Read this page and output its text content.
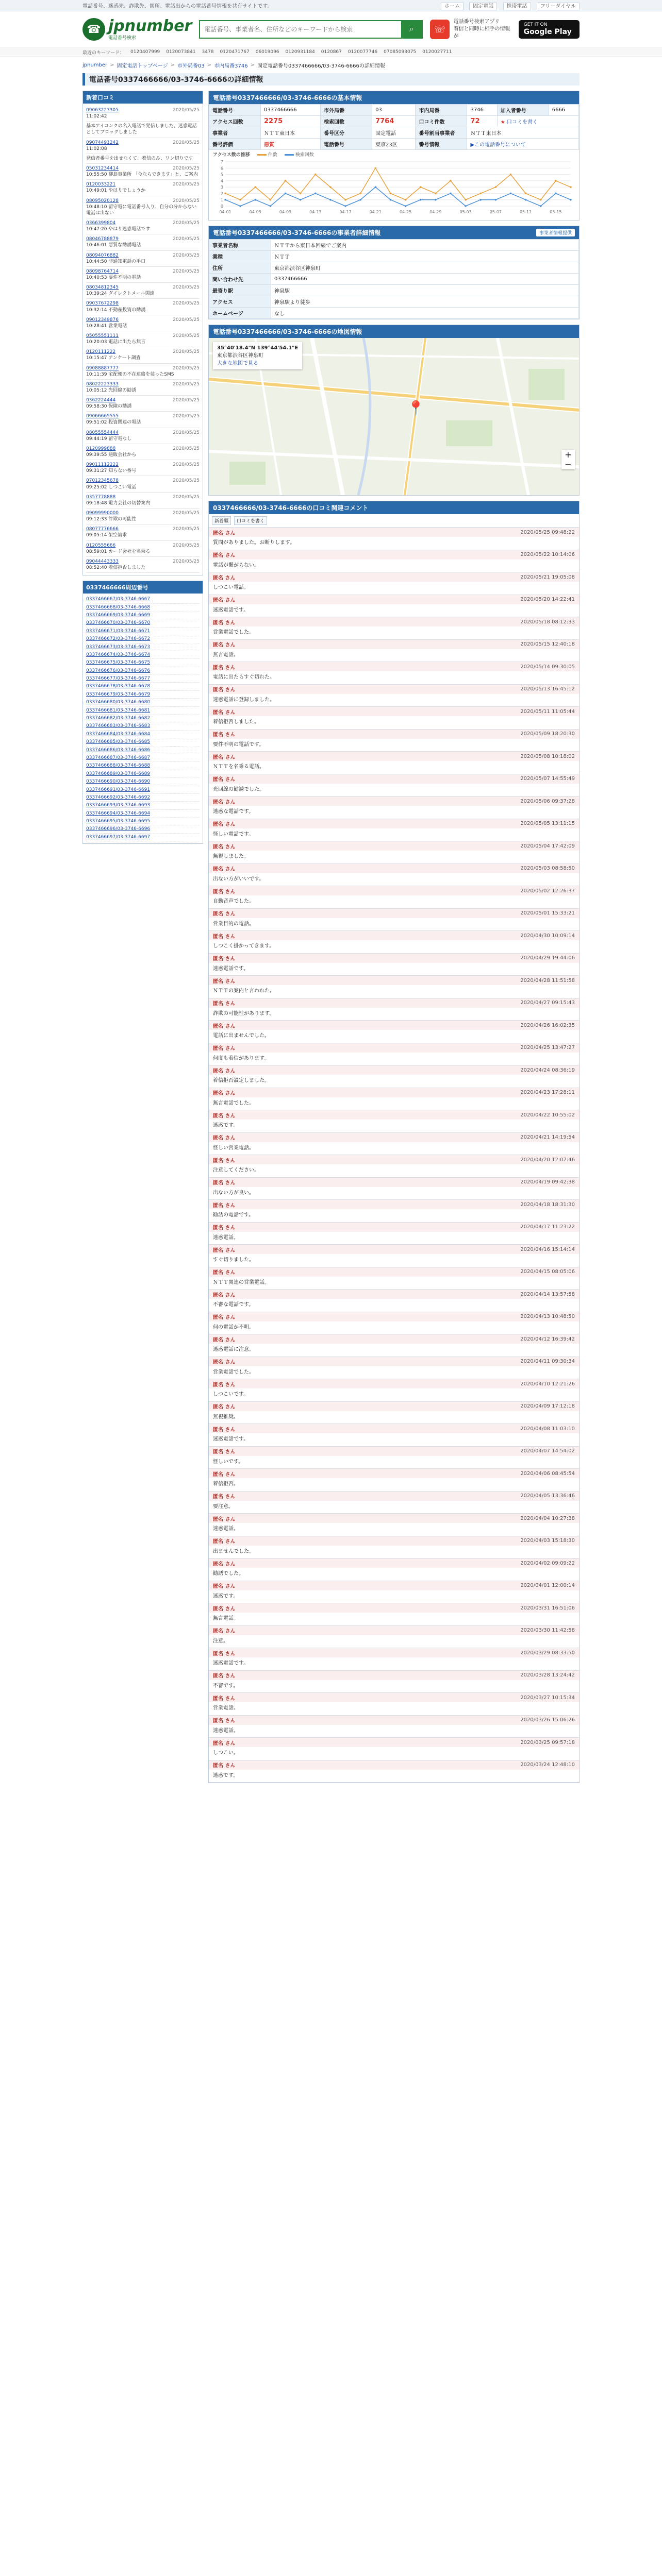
電話番号、迷惑先、詐欺先、関所、電話出からの電話番号情報を共有サイトです。	ホーム	固定電話	携帯電話	フリーダイヤル
☎ jpnumber
電話番号検索
電話番号、事業者名、住所などのキーワードから検索
⌕	☏
電話番号検索アプリ
着信と同時に相手の情報が
GET IT ON
Google Play
最近のキーワード： 0120407999 0120073841 3478 0120471767 06019096 0120931184 0120867 0120077746 07085093075 0120027711
jpnumber > 固定電話トップページ > 市外局番03 > 市内局番3746 > 固定電話番号0337466666/03-3746-6666の詳細情報
電話番号0337466666/03-3746-6666の詳細情報
新着口コミ
09063223305	2020/05/25
11:02:42
基本アイコンクの名入電話で発信しました、迷惑電話としてブロックしました
09074491242	2020/05/25
11:02:08
発信者番号を出せなくて、着信のみ、ワン切りです
05031234414	2020/05/25
10:55:50 柳島事業所 「今ならできます」と、ご案内
0120033221	2020/05/25
10:49:01 やはりでしょうか
08095020128	2020/05/25
10:48:10 留守電に電話番号入り、自分の分からない電話は出ない
0366399804	2020/05/25
10:47:20 やはり迷惑電話です
08046788879	2020/05/25
10:46:01 悪質な勧誘電話
08094076882	2020/05/25
10:44:50 非通知電話の手口
08098764714	2020/05/25
10:40:53 要件不明の電話
08034812345	2020/05/25
10:39:24 ダイレクトメール関連
09037672298	2020/05/25
10:32:14 不動産投資の勧誘
09012349876	2020/05/25
10:28:41 営業電話
05055551111	2020/05/25
10:20:03 電話に出たら無言
0120111222	2020/05/25
10:15:47 アンケート調査
09088887777	2020/05/25
10:11:39 宅配便の不在連絡を装ったSMS
08022223333	2020/05/25
10:05:12 光回線の勧誘
0362224444	2020/05/25
09:58:30 保険の勧誘
09066665555	2020/05/25
09:51:02 投資関連の電話
08055554444	2020/05/25
09:44:19 留守電なし
0120999888	2020/05/25
09:39:55 通販会社から
09011112222	2020/05/25
09:31:27 知らない番号
07012345678	2020/05/25
09:25:02 しつこい電話
0357778888	2020/05/25
09:18:48 電力会社の切替案内
09099990000	2020/05/25
09:12:33 詐欺の可能性
08077776666	2020/05/25
09:05:14 架空請求
0120555666	2020/05/25
08:59:01 カード会社を名乗る
09044443333	2020/05/25
08:52:40 着信拒否しました
0337466666周辺番号
0337466667/03-3746-6667
0337466668/03-3746-6668
0337466669/03-3746-6669
0337466670/03-3746-6670
0337466671/03-3746-6671
0337466672/03-3746-6672
0337466673/03-3746-6673
0337466674/03-3746-6674
0337466675/03-3746-6675
0337466676/03-3746-6676
0337466677/03-3746-6677
0337466678/03-3746-6678
0337466679/03-3746-6679
0337466680/03-3746-6680
0337466681/03-3746-6681
0337466682/03-3746-6682
0337466683/03-3746-6683
0337466684/03-3746-6684
0337466685/03-3746-6685
0337466686/03-3746-6686
0337466687/03-3746-6687
0337466688/03-3746-6688
0337466689/03-3746-6689
0337466690/03-3746-6690
0337466691/03-3746-6691
0337466692/03-3746-6692
0337466693/03-3746-6693
0337466694/03-3746-6694
0337466695/03-3746-6695
0337466696/03-3746-6696
0337466697/03-3746-6697
電話番号0337466666/03-3746-6666の基本情報
電話番号	0337466666	市外局番	03	市内局番	3746	加入者番号	6666
アクセス回数	2275	検索回数	7764	口コミ件数	72	★ 口コミを書く	
事業者	ＮＴＴ東日本	番号区分	固定電話	番号割当事業者	ＮＴＴ東日本		
番号評価	悪質	電話番号	東京23区	番号情報	▶この電話番号について		
アクセス数の推移	件数	検索回数
0
1
2
3
4
5
6
7
04-01	04-05	04-09	04-13	04-17	04-21	04-25	04-29	05-03	05-07	05-11	05-15
電話番号0337466666/03-3746-6666の事業者詳細情報	事業者情報提供
事業者名称	ＮＴＴから東日本回線でご案内
業種	ＮＴＴ
住所	東京都渋谷区神泉町
問い合わせ先	0337466666
最寄り駅	神泉駅
アクセス	神泉駅より徒歩
ホームページ	なし
電話番号0337466666/03-3746-6666の地図情報
35°40'18.4"N 139°44'54.1"E
東京都渋谷区神泉町
大きな地図で見る
📍
+
−
0337466666/03-3746-6666の口コミ関連コメント
新着順	口コミを書く
匿名 さん	2020/05/25 09:48:22
質問がありました。お断りします。
匿名 さん	2020/05/22 10:14:06
電話が繋がらない。
匿名 さん	2020/05/21 19:05:08
しつこい電話。
匿名 さん	2020/05/20 14:22:41
迷惑電話です。
匿名 さん	2020/05/18 08:12:33
営業電話でした。
匿名 さん	2020/05/15 12:40:18
無言電話。
匿名 さん	2020/05/14 09:30:05
電話に出たらすぐ切れた。
匿名 さん	2020/05/13 16:45:12
迷惑電話に登録しました。
匿名 さん	2020/05/11 11:05:44
着信拒否しました。
匿名 さん	2020/05/09 18:20:30
要件不明の電話です。
匿名 さん	2020/05/08 10:18:02
ＮＴＴを名乗る電話。
匿名 さん	2020/05/07 14:55:49
光回線の勧誘でした。
匿名 さん	2020/05/06 09:37:28
迷惑な電話です。
匿名 さん	2020/05/05 13:11:15
怪しい電話です。
匿名 さん	2020/05/04 17:42:09
無視しました。
匿名 さん	2020/05/03 08:58:50
出ない方がいいです。
匿名 さん	2020/05/02 12:26:37
自動音声でした。
匿名 さん	2020/05/01 15:33:21
営業目的の電話。
匿名 さん	2020/04/30 10:09:14
しつこく掛かってきます。
匿名 さん	2020/04/29 19:44:06
迷惑電話です。
匿名 さん	2020/04/28 11:51:58
ＮＴＴの案内と言われた。
匿名 さん	2020/04/27 09:15:43
詐欺の可能性があります。
匿名 さん	2020/04/26 16:02:35
電話に出ませんでした。
匿名 さん	2020/04/25 13:47:27
何度も着信があります。
匿名 さん	2020/04/24 08:36:19
着信拒否設定しました。
匿名 さん	2020/04/23 17:28:11
無言電話でした。
匿名 さん	2020/04/22 10:55:02
迷惑です。
匿名 さん	2020/04/21 14:19:54
怪しい営業電話。
匿名 さん	2020/04/20 12:07:46
注意してください。
匿名 さん	2020/04/19 09:42:38
出ない方が良い。
匿名 さん	2020/04/18 18:31:30
勧誘の電話です。
匿名 さん	2020/04/17 11:23:22
迷惑電話。
匿名 さん	2020/04/16 15:14:14
すぐ切りました。
匿名 さん	2020/04/15 08:05:06
ＮＴＴ関連の営業電話。
匿名 さん	2020/04/14 13:57:58
不審な電話です。
匿名 さん	2020/04/13 10:48:50
何の電話か不明。
匿名 さん	2020/04/12 16:39:42
迷惑電話に注意。
匿名 さん	2020/04/11 09:30:34
営業電話でした。
匿名 さん	2020/04/10 12:21:26
しつこいです。
匿名 さん	2020/04/09 17:12:18
無視推奨。
匿名 さん	2020/04/08 11:03:10
迷惑電話です。
匿名 さん	2020/04/07 14:54:02
怪しいです。
匿名 さん	2020/04/06 08:45:54
着信拒否。
匿名 さん	2020/04/05 13:36:46
要注意。
匿名 さん	2020/04/04 10:27:38
迷惑電話。
匿名 さん	2020/04/03 15:18:30
出ませんでした。
匿名 さん	2020/04/02 09:09:22
勧誘でした。
匿名 さん	2020/04/01 12:00:14
迷惑です。
匿名 さん	2020/03/31 16:51:06
無言電話。
匿名 さん	2020/03/30 11:42:58
注意。
匿名 さん	2020/03/29 08:33:50
迷惑電話です。
匿名 さん	2020/03/28 13:24:42
不審です。
匿名 さん	2020/03/27 10:15:34
営業電話。
匿名 さん	2020/03/26 15:06:26
迷惑電話。
匿名 さん	2020/03/25 09:57:18
しつこい。
匿名 さん	2020/03/24 12:48:10
迷惑です。
